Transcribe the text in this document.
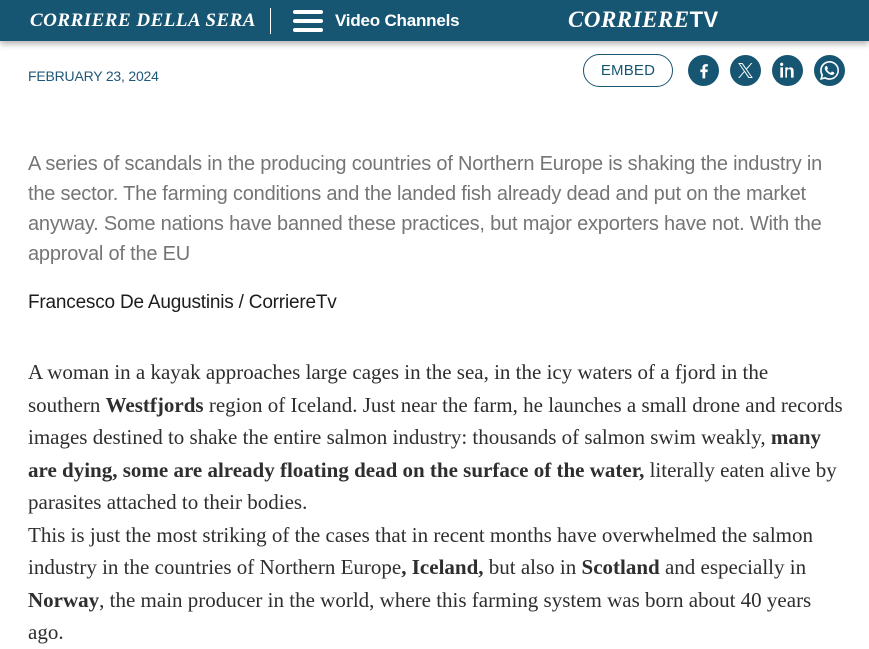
CORRIERE DELLA SERA	Video Channels	CORRIERETV
FEBRUARY 23, 2024	EMBED
A series of scandals in the producing countries of Northern Europe is shaking the industry in the sector. The farming conditions and the landed fish already dead and put on the market anyway. Some nations have banned these practices, but major exporters have not. With the approval of the EU
Francesco De Augustinis / CorriereTv

A woman in a kayak approaches large cages in the sea, in the icy waters of a fjord in the southern Westfjords region of Iceland. Just near the farm, he launches a small drone and records images destined to shake the entire salmon industry: thousands of salmon swim weakly, many are dying, some are already floating dead on the surface of the water, literally eaten alive by parasites attached to their bodies.

This is just the most striking of the cases that in recent months have overwhelmed the salmon industry in the countries of Northern Europe, Iceland, but also in Scotland and especially in Norway, the main producer in the world, where this farming system was born about 40 years ago.
